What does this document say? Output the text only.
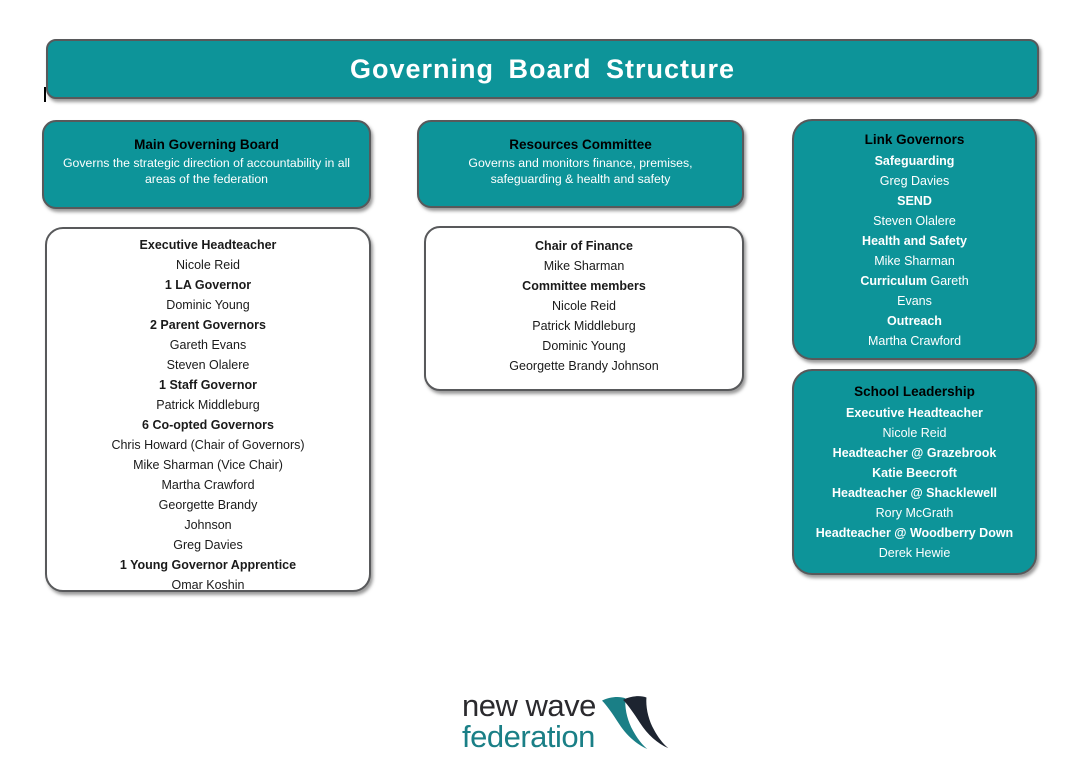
Governing Board Structure
Main Governing Board
Governs the strategic direction of accountability in all areas of the federation
Resources Committee
Governs and monitors finance, premises, safeguarding & health and safety
Link Governors
Safeguarding
Greg Davies
SEND
Steven Olalere
Health and Safety
Mike Sharman
Curriculum Gareth
Evans
Outreach
Martha Crawford
Executive Headteacher
Nicole Reid
1 LA Governor
Dominic Young
2 Parent Governors
Gareth Evans
Steven Olalere
1 Staff Governor
Patrick Middleburg
6 Co-opted Governors
Chris Howard (Chair of Governors)
Mike Sharman (Vice Chair)
Martha Crawford
Georgette Brandy
Johnson
Greg Davies
1 Young Governor Apprentice
Omar Koshin
Chair of Finance
Mike Sharman
Committee members
Nicole Reid
Patrick Middleburg
Dominic Young
Georgette Brandy Johnson
School Leadership
Executive Headteacher
Nicole Reid
Headteacher @ Grazebrook
Katie Beecroft
Headteacher @ Shacklewell
Rory McGrath
Headteacher @ Woodberry Down
Derek Hewie
new wave
federation
